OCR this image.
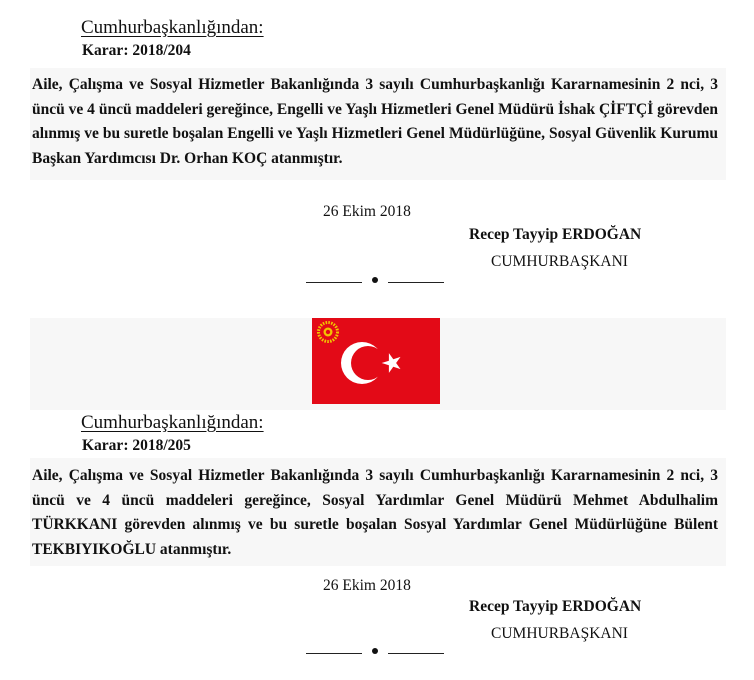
Cumhurbaşkanlığından:
Karar: 2018/204
Aile, Çalışma ve Sosyal Hizmetler Bakanlığında 3 sayılı Cumhurbaşkanlığı Kararnamesinin 2 nci, 3 üncü ve 4 üncü maddeleri gereğince, Engelli ve Yaşlı Hizmetleri Genel Müdürü İshak ÇİFTÇİ görevden alınmış ve bu suretle boşalan Engelli ve Yaşlı Hizmetleri Genel Müdürlüğüne, Sosyal Güvenlik Kurumu Başkan Yardımcısı Dr. Orhan KOÇ atanmıştır.
26 Ekim 2018
Recep Tayyip ERDOĞAN
CUMHURBAŞKANI
Cumhurbaşkanlığından:
Karar: 2018/205
Aile, Çalışma ve Sosyal Hizmetler Bakanlığında 3 sayılı Cumhurbaşkanlığı Kararnamesinin 2 nci, 3 üncü ve 4 üncü maddeleri gereğince, Sosyal Yardımlar Genel Müdürü Mehmet Abdulhalim TÜRKKANI görevden alınmış ve bu suretle boşalan Sosyal Yardımlar Genel Müdürlüğüne Bülent TEKBIYIKOĞLU atanmıştır.
26 Ekim 2018
Recep Tayyip ERDOĞAN
CUMHURBAŞKANI
